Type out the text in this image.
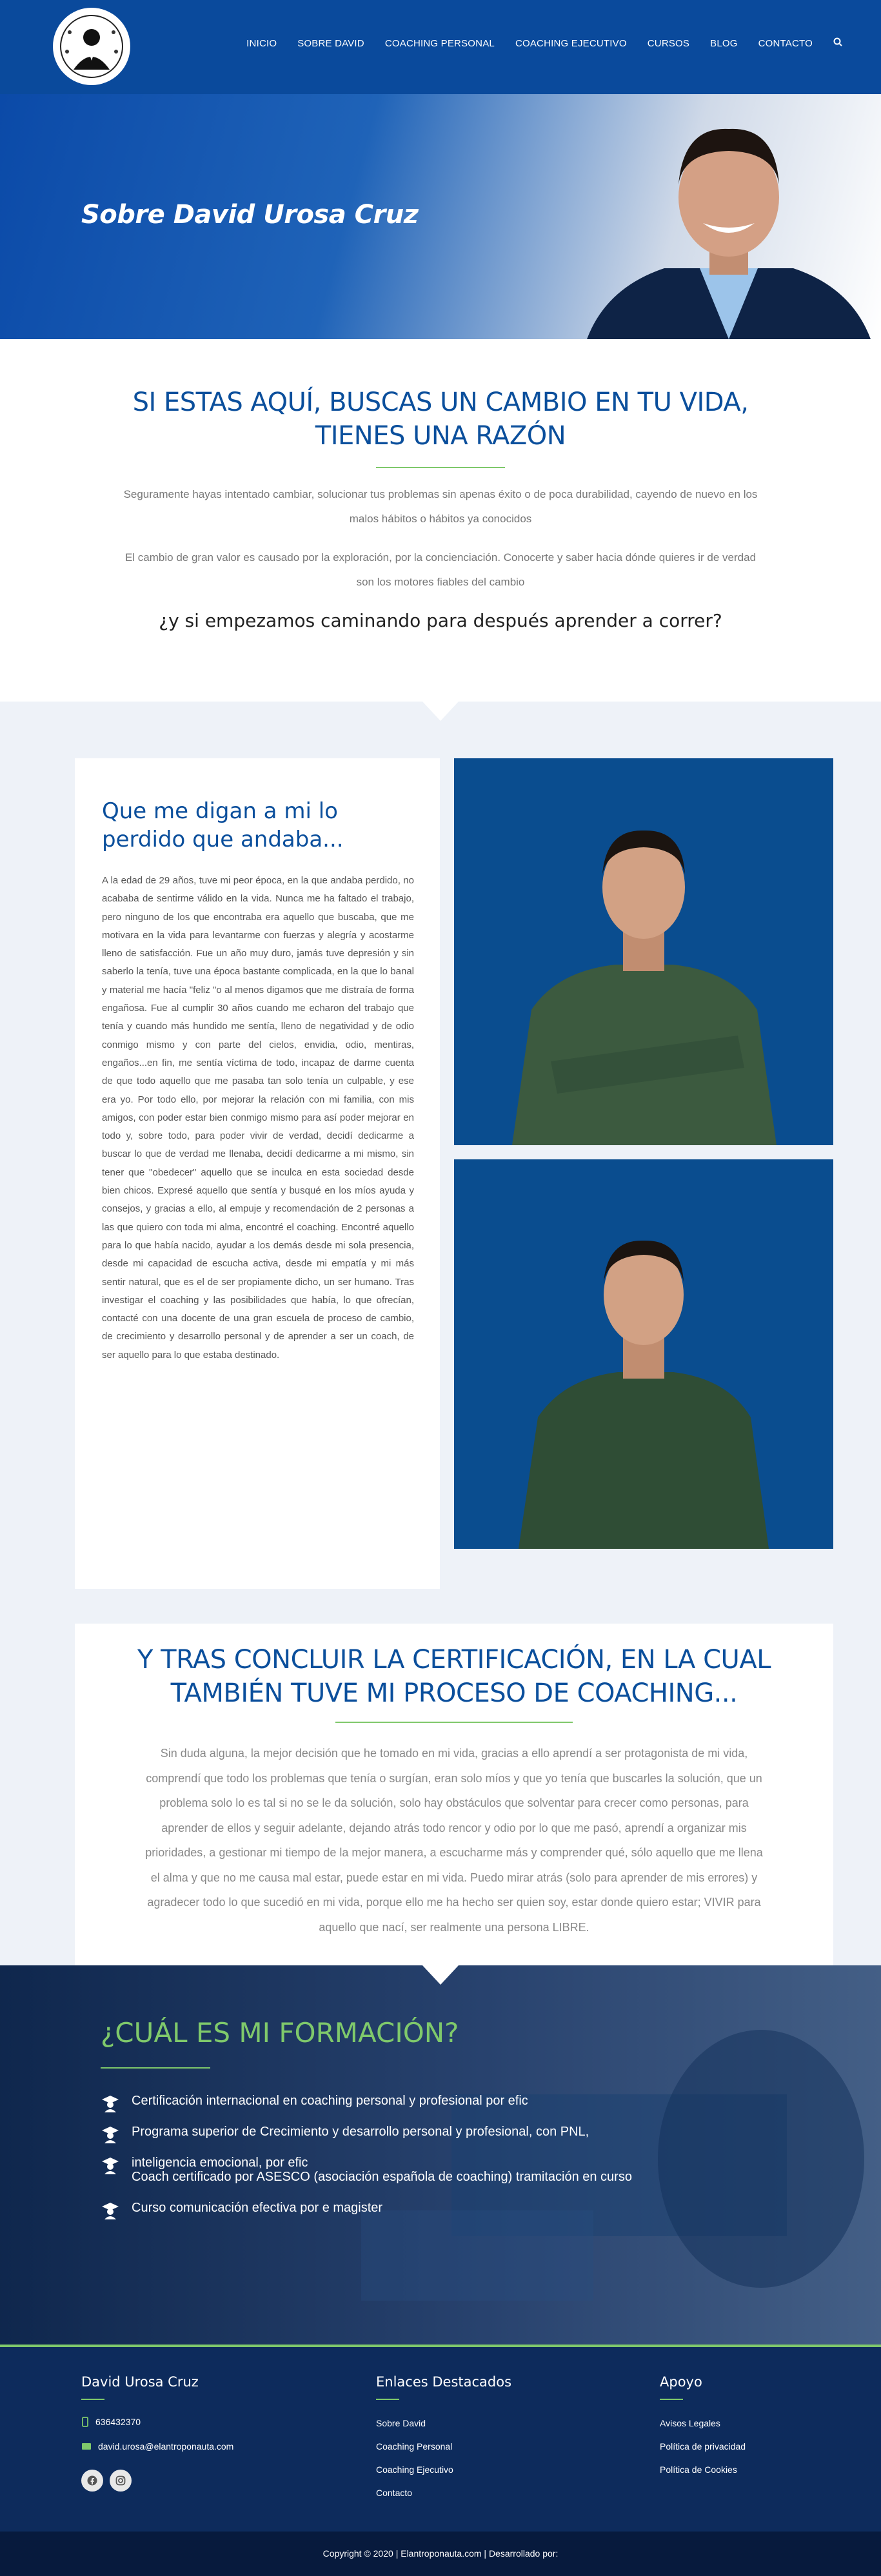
INICIO SOBRE DAVID COACHING PERSONAL COACHING EJECUTIVO CURSOS BLOG CONTACTO
Sobre David Urosa Cruz
SI ESTAS AQUÍ, BUSCAS UN CAMBIO EN TU VIDA, TIENES UNA RAZÓN

Seguramente hayas intentado cambiar, solucionar tus problemas sin apenas éxito o de poca durabilidad, cayendo de nuevo en los malos hábitos o hábitos ya conocidos

El cambio de gran valor es causado por la exploración, por la concienciación. Conocerte y saber hacia dónde quieres ir de verdad son los motores fiables del cambio

¿y si empezamos caminando para después aprender a correr?
Que me digan a mi lo perdido que andaba...

A la edad de 29 años, tuve mi peor época, en la que andaba perdido, no acababa de sentirme válido en la vida. Nunca me ha faltado el trabajo, pero ninguno de los que encontraba era aquello que buscaba, que me motivara en la vida para levantarme con fuerzas y alegría y acostarme lleno de satisfacción. Fue un año muy duro, jamás tuve depresión y sin saberlo la tenía, tuve una época bastante complicada, en la que lo banal y material me hacía "feliz "o al menos digamos que me distraía de forma engañosa. Fue al cumplir 30 años cuando me echaron del trabajo que tenía y cuando más hundido me sentía, lleno de negatividad y de odio conmigo mismo y con parte del cielos, envidia, odio, mentiras, engaños...en fin, me sentía víctima de todo, incapaz de darme cuenta de que todo aquello que me pasaba tan solo tenía un culpable, y ese era yo. Por todo ello, por mejorar la relación con mi familia, con mis amigos, con poder estar bien conmigo mismo para así poder mejorar en todo y, sobre todo, para poder vivir de verdad, decidí dedicarme a buscar lo que de verdad me llenaba, decidí dedicarme a mi mismo, sin tener que "obedecer" aquello que se inculca en esta sociedad desde bien chicos. Expresé aquello que sentía y busqué en los míos ayuda y consejos, y gracias a ello, al empuje y recomendación de 2 personas a las que quiero con toda mi alma, encontré el coaching. Encontré aquello para lo que había nacido, ayudar a los demás desde mi sola presencia, desde mi capacidad de escucha activa, desde mi empatía y mi más sentir natural, que es el de ser propiamente dicho, un ser humano. Tras investigar el coaching y las posibilidades que había, lo que ofrecían, contacté con una docente de una gran escuela de proceso de cambio, de crecimiento y desarrollo personal y de aprender a ser un coach, de ser aquello para lo que estaba destinado.

Y TRAS CONCLUIR LA CERTIFICACIÓN, EN LA CUAL TAMBIÉN TUVE MI PROCESO DE COACHING...

Sin duda alguna, la mejor decisión que he tomado en mi vida, gracias a ello aprendí a ser protagonista de mi vida, comprendí que todo los problemas que tenía o surgían, eran solo míos y que yo tenía que buscarles la solución, que un problema solo lo es tal si no se le da solución, solo hay obstáculos que solventar para crecer como personas, para aprender de ellos y seguir adelante, dejando atrás todo rencor y odio por lo que me pasó, aprendí a organizar mis prioridades, a gestionar mi tiempo de la mejor manera, a escucharme más y comprender qué, sólo aquello que me llena el alma y que no me causa mal estar, puede estar en mi vida. Puedo mirar atrás (solo para aprender de mis errores) y agradecer todo lo que sucedió en mi vida, porque ello me ha hecho ser quien soy, estar donde quiero estar; VIVIR para aquello que nací, ser realmente una persona LIBRE.

¿CUÁL ES MI FORMACIÓN?
Certificación internacional en coaching personal y profesional por efic
Programa superior de Crecimiento y desarrollo personal y profesional, con PNL,
inteligencia emocional, por efic
Coach certificado por ASESCO (asociación española de coaching) tramitación en curso
Curso comunicación efectiva por e magister
David Urosa Cruz
636432370
david.urosa@elantroponauta.com
Enlaces Destacados
Sobre David
Coaching Personal
Coaching Ejecutivo
Contacto
Apoyo
Avisos Legales
Política de privacidad
Política de Cookies
Copyright © 2020 | Elantroponauta.com | Desarrollado por:
